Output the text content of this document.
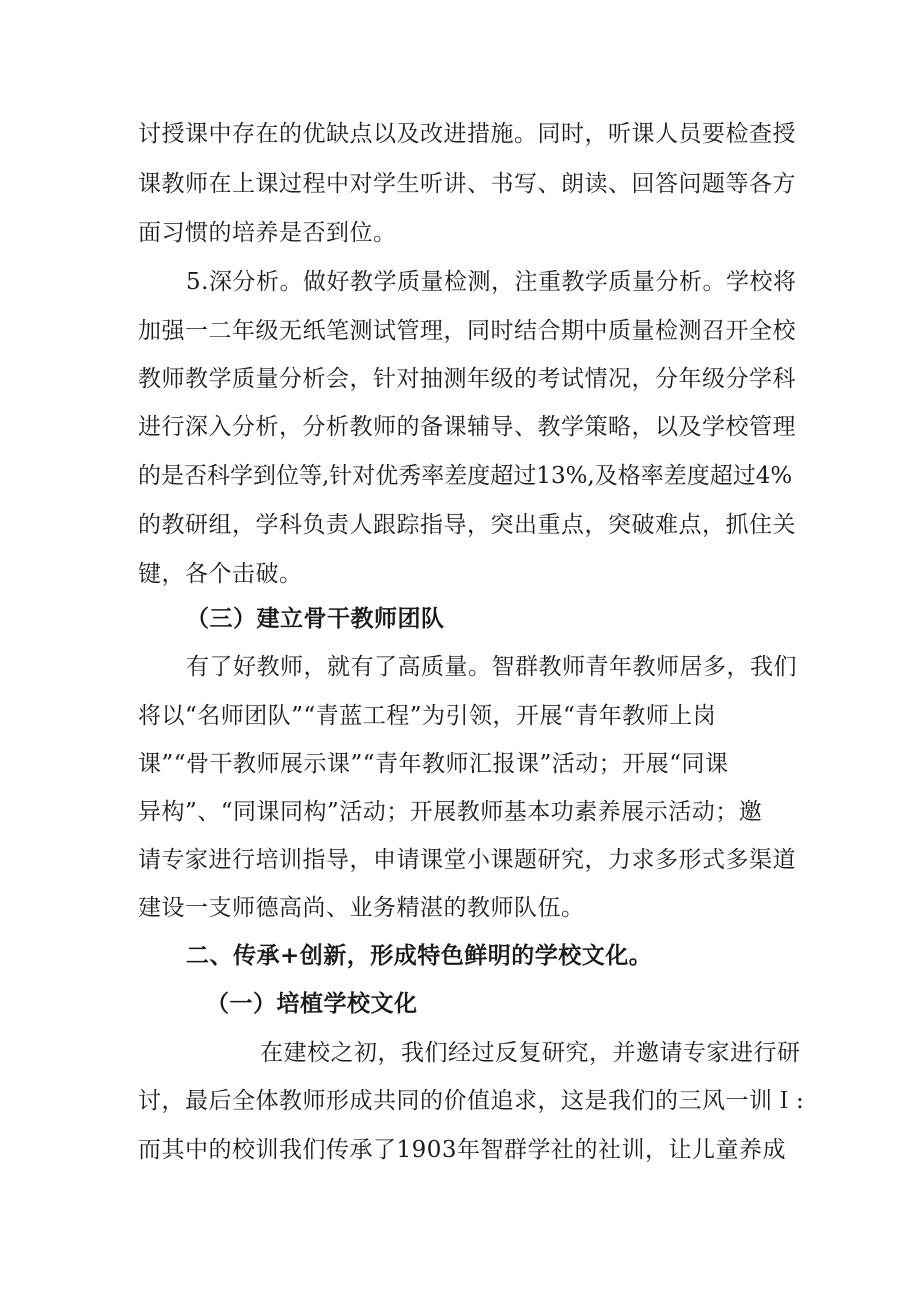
讨授课中存在的优缺点以及改进措施。同时，听课人员要检查授
课教师在上课过程中对学生听讲、书写、朗读、回答问题等各方
面习惯的培养是否到位。
5.深分析。做好教学质量检测，注重教学质量分析。学校将
加强一二年级无纸笔测试管理，同时结合期中质量检测召开全校
教师教学质量分析会，针对抽测年级的考试情况，分年级分学科
进行深入分析，分析教师的备课辅导、教学策略，以及学校管理
的是否科学到位等,针对优秀率差度超过13%,及格率差度超过4%
的教研组，学科负责人跟踪指导，突出重点，突破难点，抓住关
键，各个击破。
（三）建立骨干教师团队
有了好教师，就有了高质量。智群教师青年教师居多，我们
将以“名师团队”“青蓝工程”为引领，开展“青年教师上岗
课”“骨干教师展示课”“青年教师汇报课”活动；开展“同课
异构”、“同课同构”活动；开展教师基本功素养展示活动；邀
请专家进行培训指导，申请课堂小课题研究，力求多形式多渠道
建设一支师德高尚、业务精湛的教师队伍。
二、传承+创新，形成特色鲜明的学校文化。
（一）培植学校文化
在建校之初，我们经过反复研究，并邀请专家进行研
讨，最后全体教师形成共同的价值追求，这是我们的三风一训Ｉ:
而其中的校训我们传承了1903年智群学社的社训，让儿童养成
